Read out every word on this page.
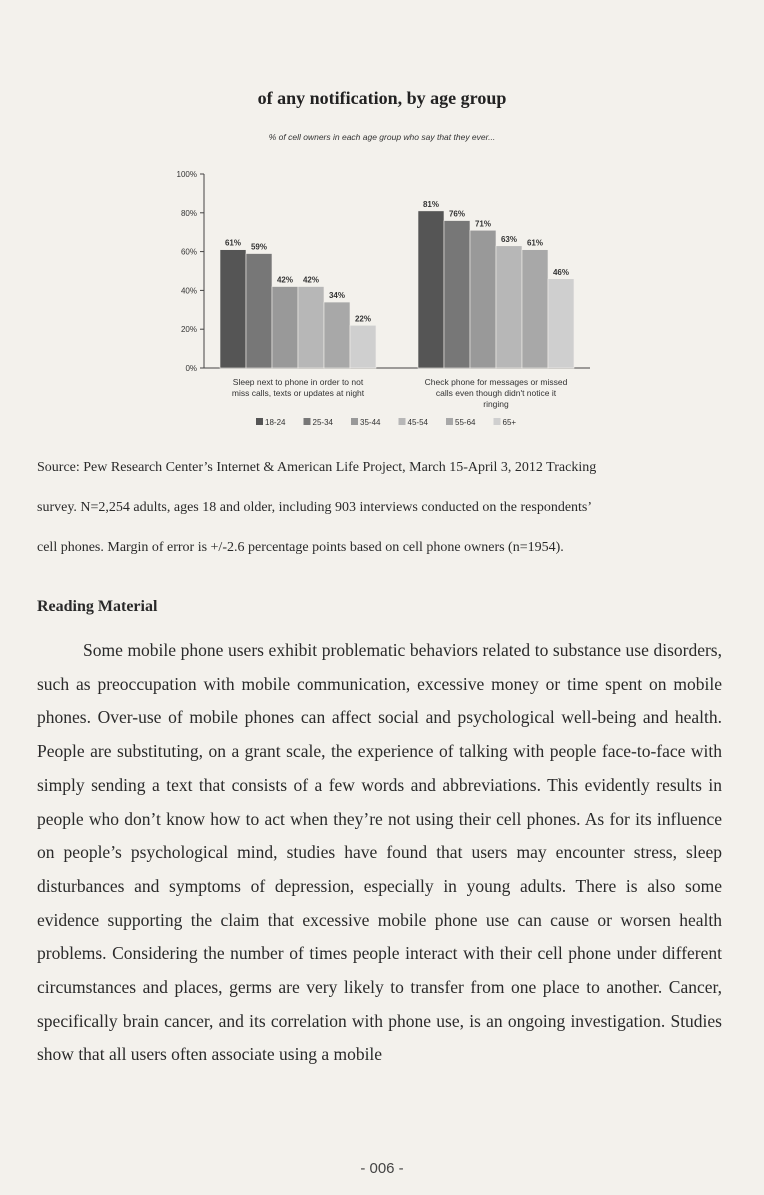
of any notification, by age group
% of cell owners in each age group who say that they ever...
0%
20%
40%
60%
80%
100%
61% 59%
42% 42%
34%
22%
Sleep next to phone in order to not
miss calls, texts or updates at night
81%
76%
71%
63% 61%
46%
Check phone for messages or missed
calls even though didn't notice it
ringing
18-24	25-34	35-44	45-54	55-64	65+
Source: Pew Research Center’s Internet & American Life Project, March 15-April 3, 2012 Tracking
survey. N=2,254 adults, ages 18 and older, including 903 interviews conducted on the respondents’
cell phones. Margin of error is +/-2.6 percentage points based on cell phone owners (n=1954).
Reading Material

Some mobile phone users exhibit problematic behaviors related to substance use disorders, such as preoccupation with mobile communication, excessive money or time spent on mobile phones. Over-use of mobile phones can affect social and psychological well-being and health. People are substituting, on a grant scale, the experience of talking with people face-to-face with simply sending a text that consists of a few words and abbreviations. This evidently results in people who don’t know how to act when they’re not using their cell phones. As for its influence on people’s psychological mind, studies have found that users may encounter stress, sleep disturbances and symptoms of depression, especially in young adults. There is also some evidence supporting the claim that excessive mobile phone use can cause or worsen health problems. Considering the number of times people interact with their cell phone under different circumstances and places, germs are very likely to transfer from one place to another. Cancer, specifically brain cancer, and its correlation with phone use, is an ongoing investigation. Studies show that all users often associate using a mobile

- 006 -
